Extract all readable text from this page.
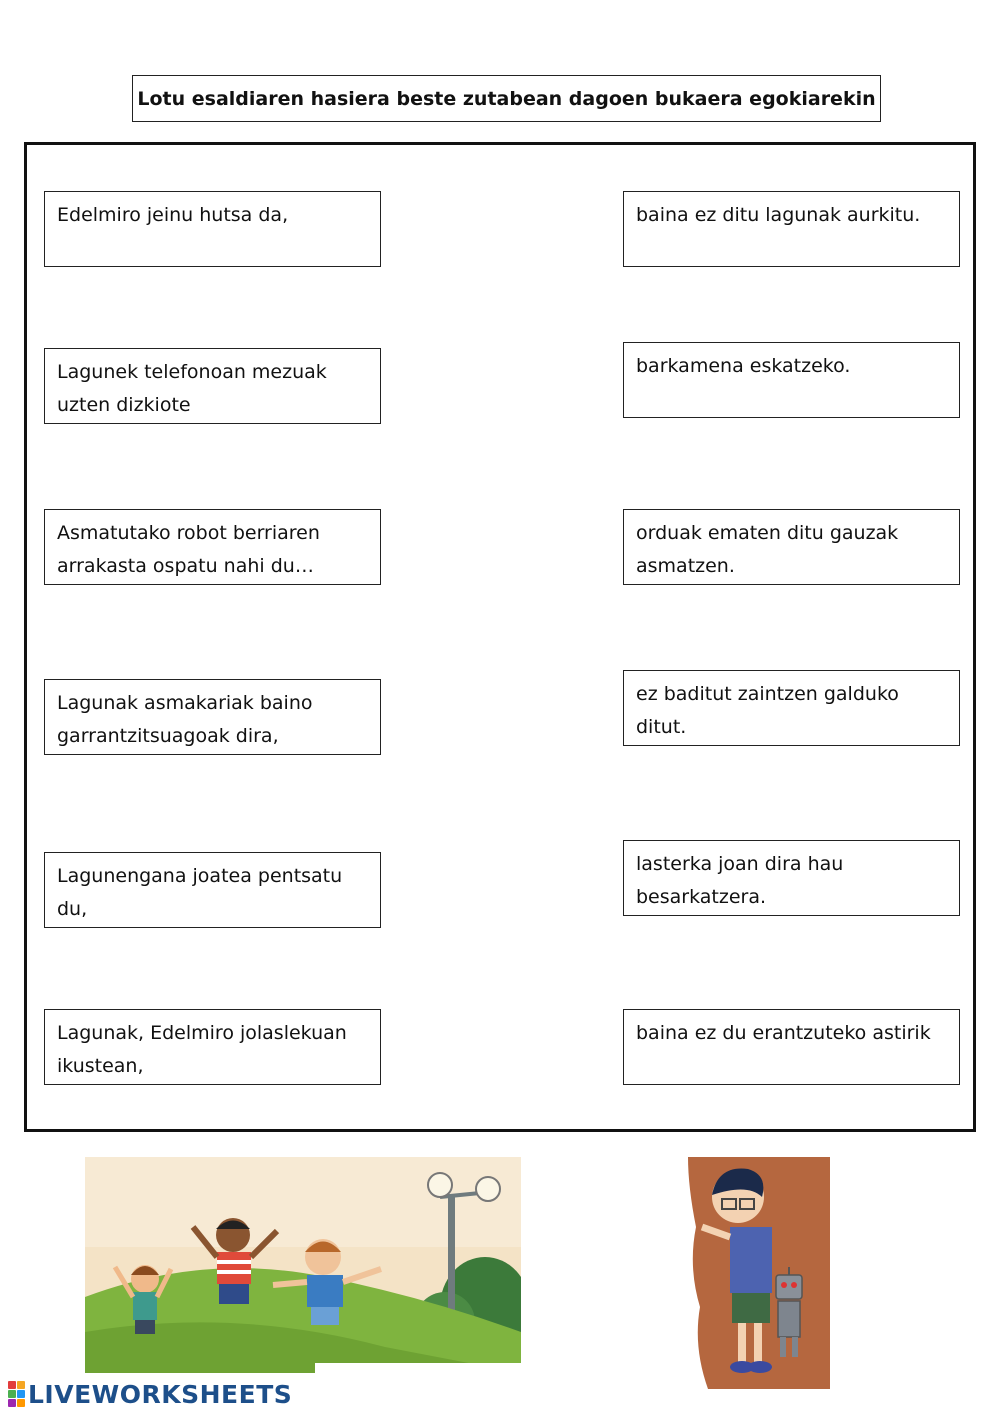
Lotu esaldiaren hasiera beste zutabean dagoen bukaera egokiarekin
Edelmiro jeinu hutsa da,
Lagunek telefonoan mezuak
uzten dizkiote
Asmatutako robot berriaren
arrakasta ospatu nahi du…
Lagunak asmakariak baino
garrantzitsuagoak dira,
Lagunengana joatea pentsatu
du,
Lagunak, Edelmiro jolaslekuan
ikustean,
baina ez ditu lagunak aurkitu.
barkamena eskatzeko.
orduak ematen ditu gauzak
asmatzen.
ez baditut zaintzen galduko
ditut.
lasterka joan dira hau
besarkatzera.
baina ez du erantzuteko astirik
LIVEWORKSHEETS
